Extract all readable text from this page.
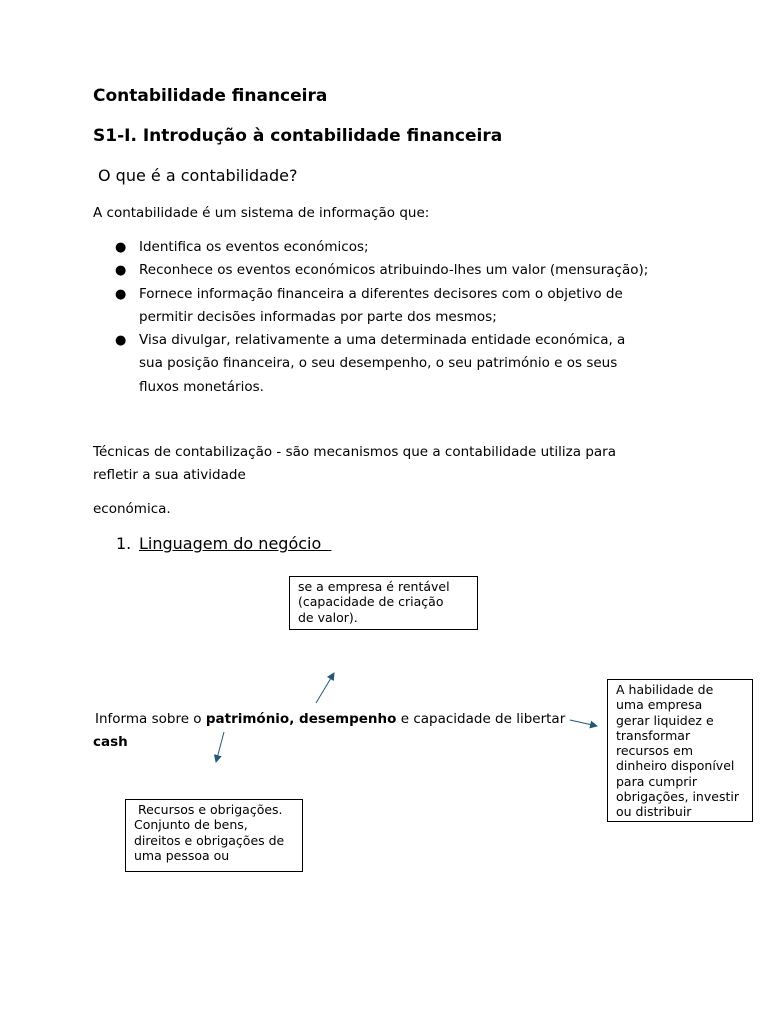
Contabilidade financeira
S1-I. Introdução à contabilidade financeira
O que é a contabilidade?
A contabilidade é um sistema de informação que:
● Identifica os eventos económicos;
● Reconhece os eventos económicos atribuindo-lhes um valor (mensuração);
● Fornece informação financeira a diferentes decisores com o objetivo de
permitir decisões informadas por parte dos mesmos;
● Visa divulgar, relativamente a uma determinada entidade económica, a
sua posição financeira, o seu desempenho, o seu património e os seus
fluxos monetários.
Técnicas de contabilização - são mecanismos que a contabilidade utiliza para
refletir a sua atividade
económica.
1. Linguagem do negócio
se a empresa é rentável
(capacidade de criação
de valor).
A habilidade de
uma empresa
gerar liquidez e
transformar
recursos em
dinheiro disponível
para cumprir
obrigações, investir
ou distribuir
Recursos e obrigações.
Conjunto de bens,
direitos e obrigações de
uma pessoa ou
Informa sobre o património, desempenho e capacidade de libertar
cash
